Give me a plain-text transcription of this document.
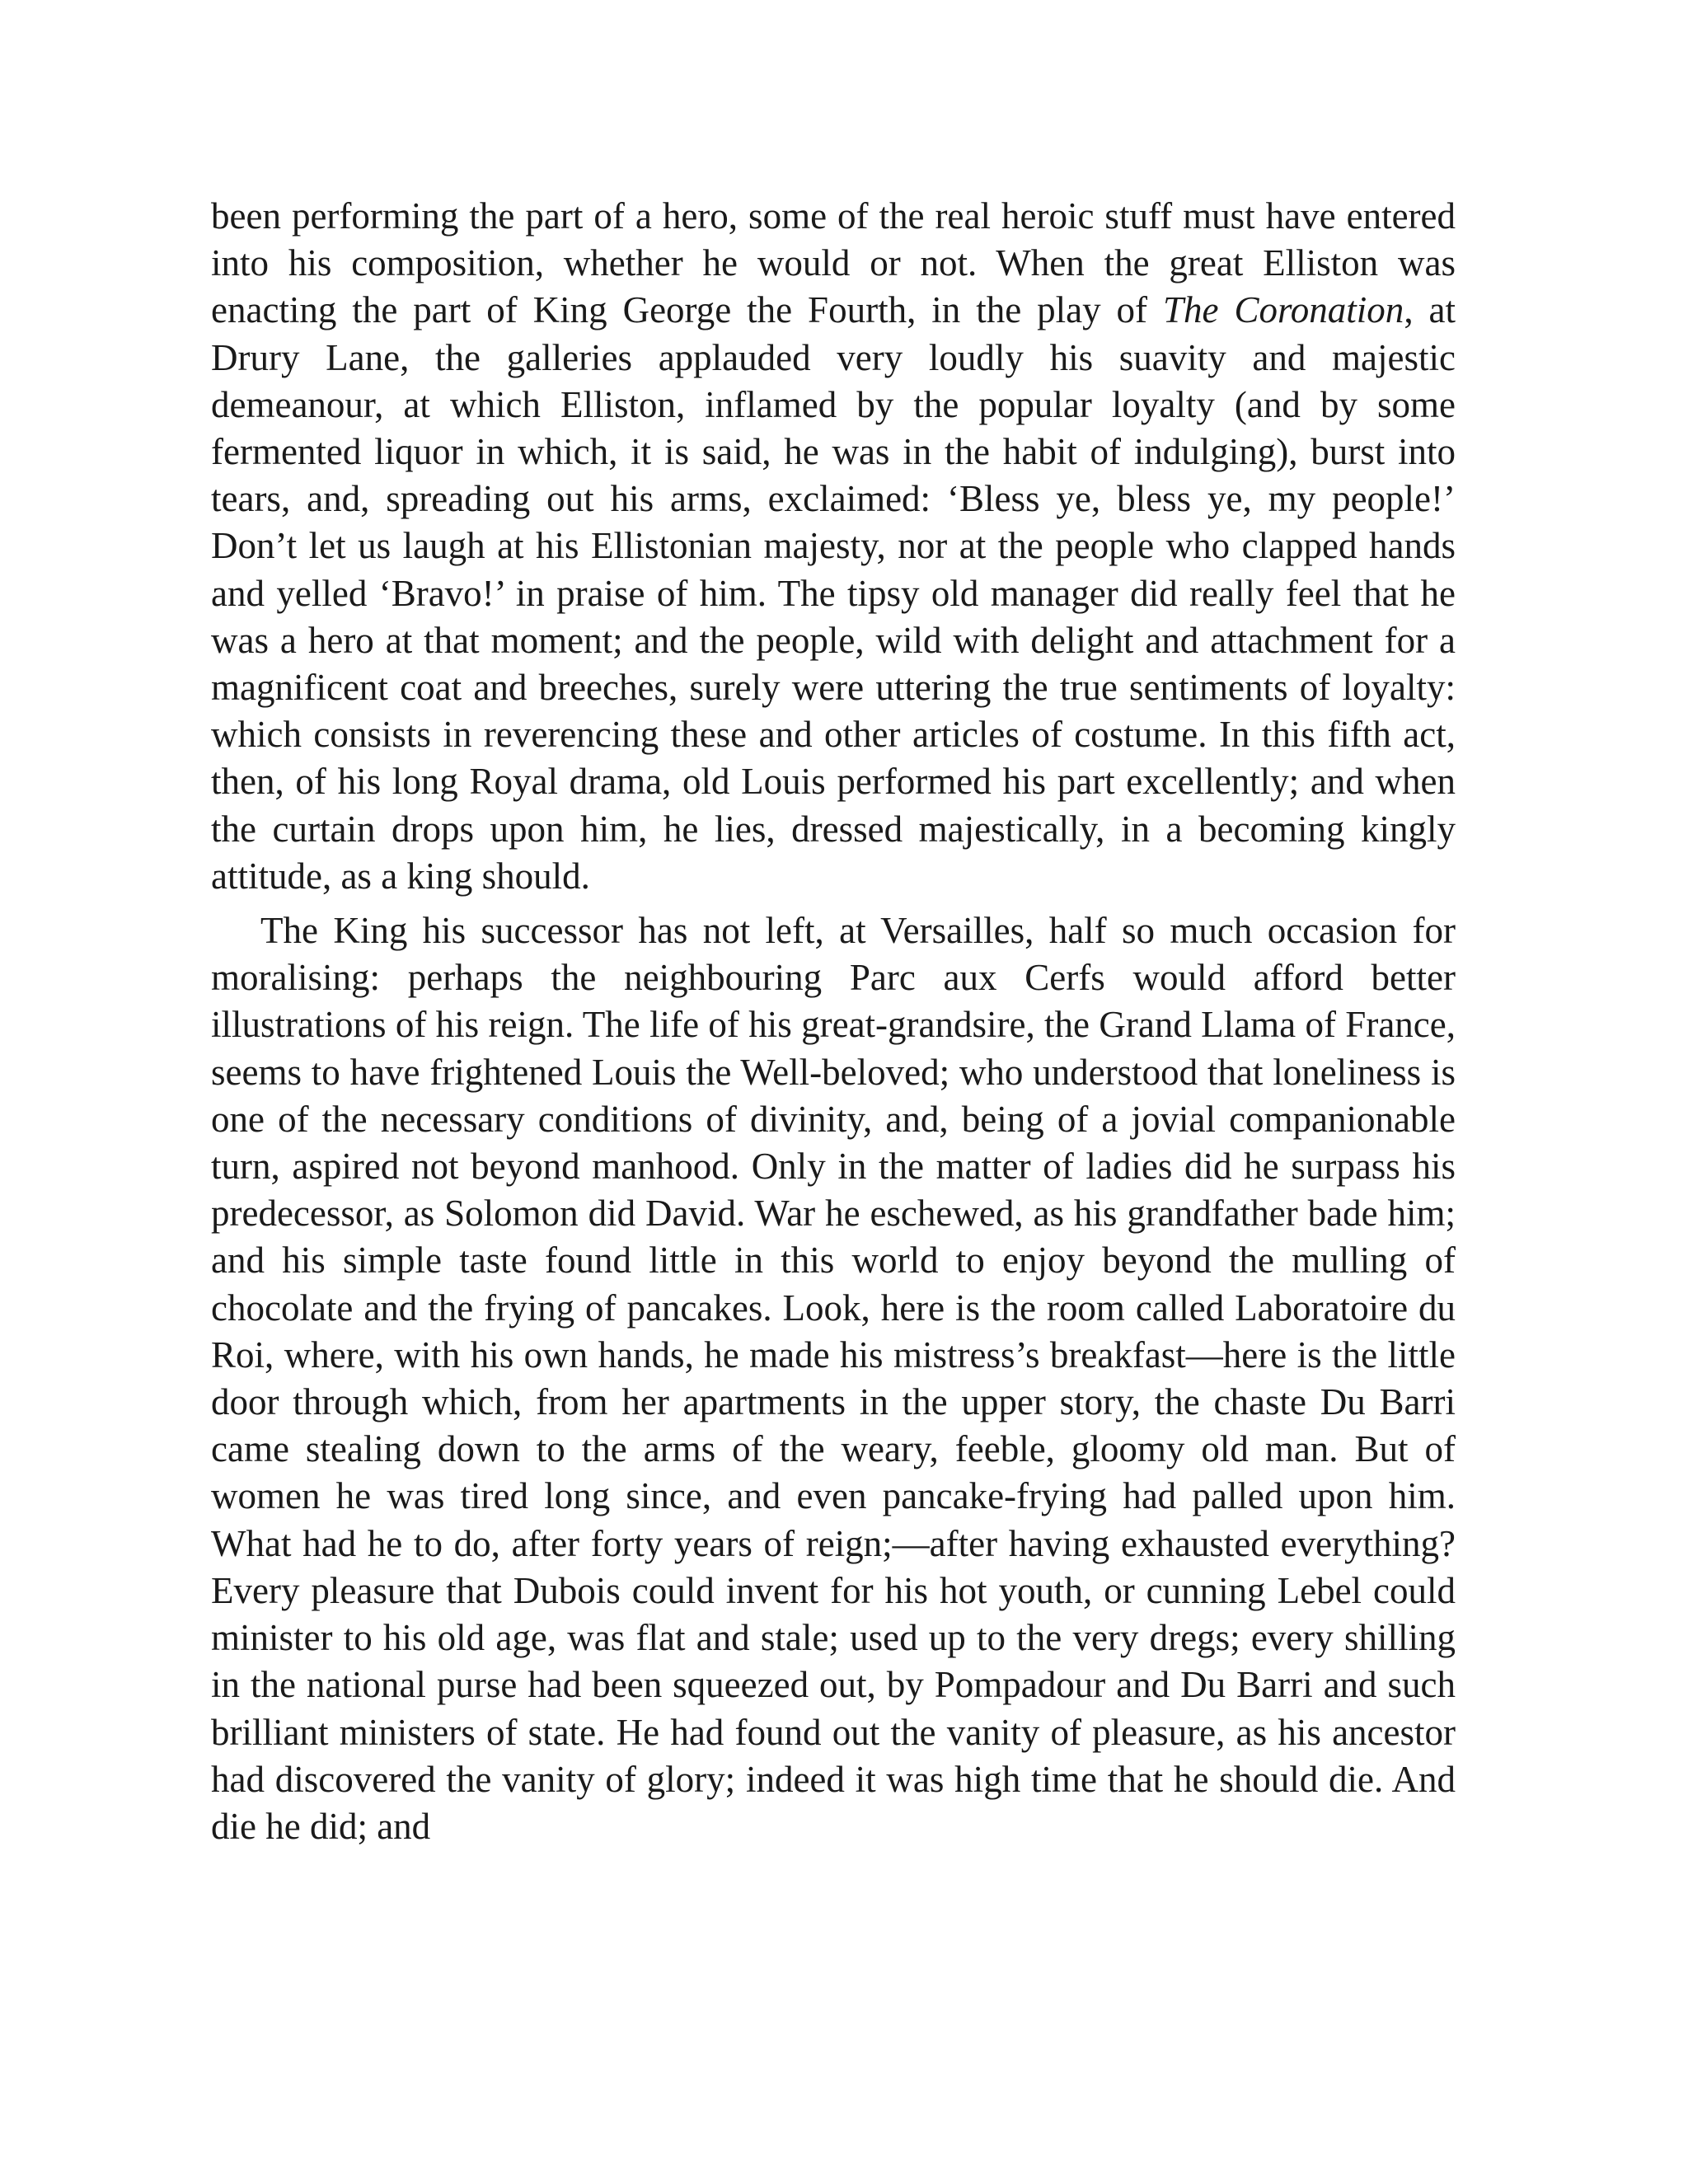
been performing the part of a hero, some of the real heroic stuff must have entered into his composition, whether he would or not. When the great Elliston was enacting the part of King George the Fourth, in the play of The Coronation, at Drury Lane, the galleries applauded very loudly his suavity and majestic demeanour, at which Elliston, inflamed by the popular loyalty (and by some fermented liquor in which, it is said, he was in the habit of indulging), burst into tears, and, spreading out his arms, exclaimed: ‘Bless ye, bless ye, my people!’ Don’t let us laugh at his Ellistonian majesty, nor at the people who clapped hands and yelled ‘Bravo!’ in praise of him. The tipsy old manager did really feel that he was a hero at that moment; and the people, wild with delight and attachment for a magnificent coat and breeches, surely were uttering the true sentiments of loyalty: which consists in reverencing these and other articles of costume. In this fifth act, then, of his long Royal drama, old Louis performed his part excellently; and when the curtain drops upon him, he lies, dressed majestically, in a becoming kingly attitude, as a king should.

The King his successor has not left, at Versailles, half so much occasion for moralising: perhaps the neighbouring Parc aux Cerfs would afford better illustrations of his reign. The life of his great-grandsire, the Grand Llama of France, seems to have frightened Louis the Well-beloved; who understood that loneliness is one of the necessary conditions of divinity, and, being of a jovial companionable turn, aspired not beyond manhood. Only in the matter of ladies did he surpass his predecessor, as Solomon did David. War he eschewed, as his grandfather bade him; and his simple taste found little in this world to enjoy beyond the mulling of chocolate and the frying of pancakes. Look, here is the room called Laboratoire du Roi, where, with his own hands, he made his mistress’s breakfast—here is the little door through which, from her apartments in the upper story, the chaste Du Barri came stealing down to the arms of the weary, feeble, gloomy old man. But of women he was tired long since, and even pancake-frying had palled upon him. What had he to do, after forty years of reign;—after having exhausted everything? Every pleasure that Dubois could invent for his hot youth, or cunning Lebel could minister to his old age, was flat and stale; used up to the very dregs; every shilling in the national purse had been squeezed out, by Pompadour and Du Barri and such brilliant ministers of state. He had found out the vanity of pleasure, as his ancestor had discovered the vanity of glory; indeed it was high time that he should die. And die he did; and
